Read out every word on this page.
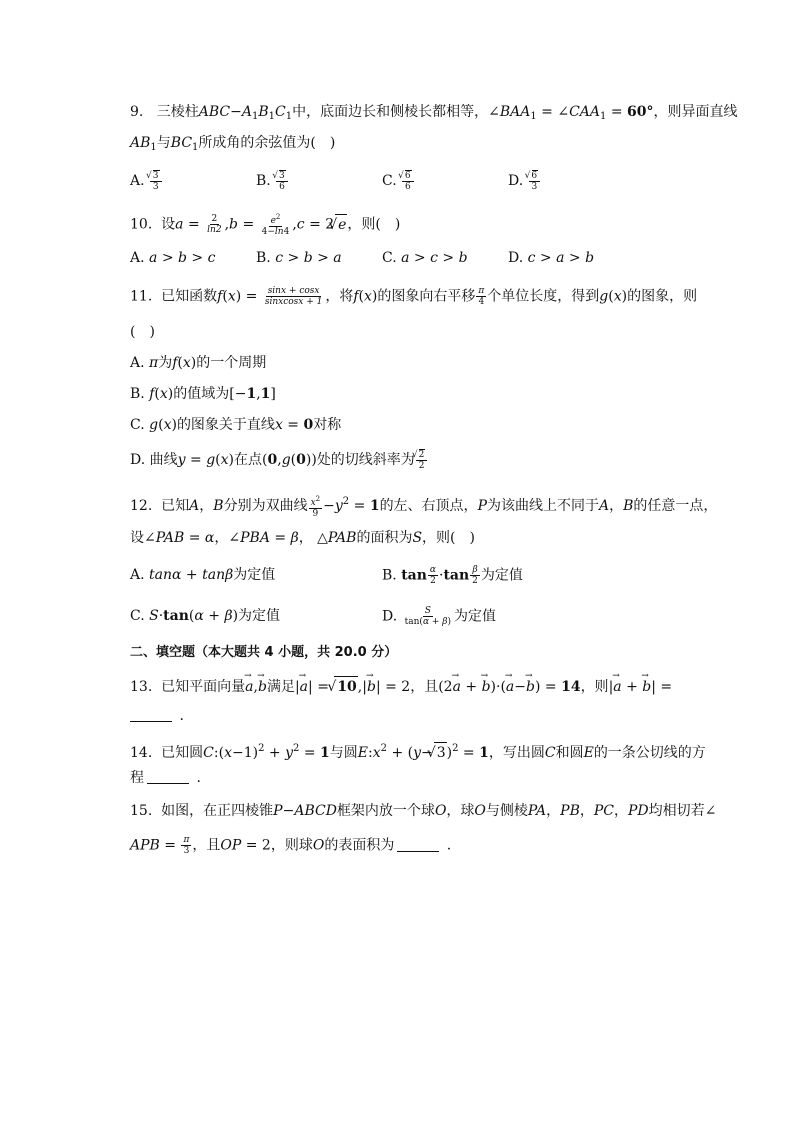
9. 三棱柱$ABC-A_1B_1C_1$中，底面边长和侧棱长都相等，$\angle BAA_1$ = $\angle CAA_1 = 60^\circ$，则异面直线
$AB_1$与$BC_1$所成角的余弦值为(　)
A.
√ $\frac{3}{3}$	B.
√ $\frac{3}{6}$	C.
√ $\frac{6}{6}$	D.
√ $\frac{6}{3}$
10. 设$a = \frac{2}{\ln 2} ,b = \frac{e^2}{4-\ln 4} ,c = 2√$ e，则(　)
A. a > b > c	B. c > b > a	C. a > c > b	D. c > a > b
11. 已知函数$f(x) = \frac{\sin x + \cos x}{\text{sinxcosx + 1}}$ ，将f(x)的图象向右平移 $\frac{\pi}{4}$ 个单位长度，得到g(x)的图象，则
(　)
A. π为f(x)的一个周期
B. f(x)的值域为[−1,1]
C. g(x)的图象关于直线x = 0对称
D. 曲线y = g(x)在点(0,g(0))处的切线斜率为
√ $\frac{2}{2}$
12. 已知A，B分别为双曲线 $\frac{x^2}{9} -y^2 = 1$的左、右顶点，P为该曲线上不同于A，B的任意一点，
设∠PAB = α，∠PBA = β， △PAB的面积为S，则(　)
A. tanα + tanβ为定值	B. $\tan \frac{\alpha}{2} \cdot\tan \frac{\beta}{2}$ 为定值
C. S·tan(α + β)为定值	D. $\frac{S}{\tan(\alpha + \beta)}$ 为定值
二、填空题（本大题共 4 小题，共 20.0 分）
13. 已知平面向量a →,b →满足|a →| = √ 10,|b →| = 2，且(2a → + b →)·(a →−b →) = 14，则|a → + b →| =
.
14. 已知圆$C:(x-1)^2 + y^2 = 1$与圆$E:x^2 + (y-√$ 3)$^2$ = 1，写出圆C和圆E的一条公切线的方
程	.
15. 如图，在正四棱锥P−ABCD框架内放一个球O，球O与侧棱PA，PB，PC，PD均相切若∠
APB = $\frac{\pi}{3}$ ，且OP = 2，则球O的表面积为	.
